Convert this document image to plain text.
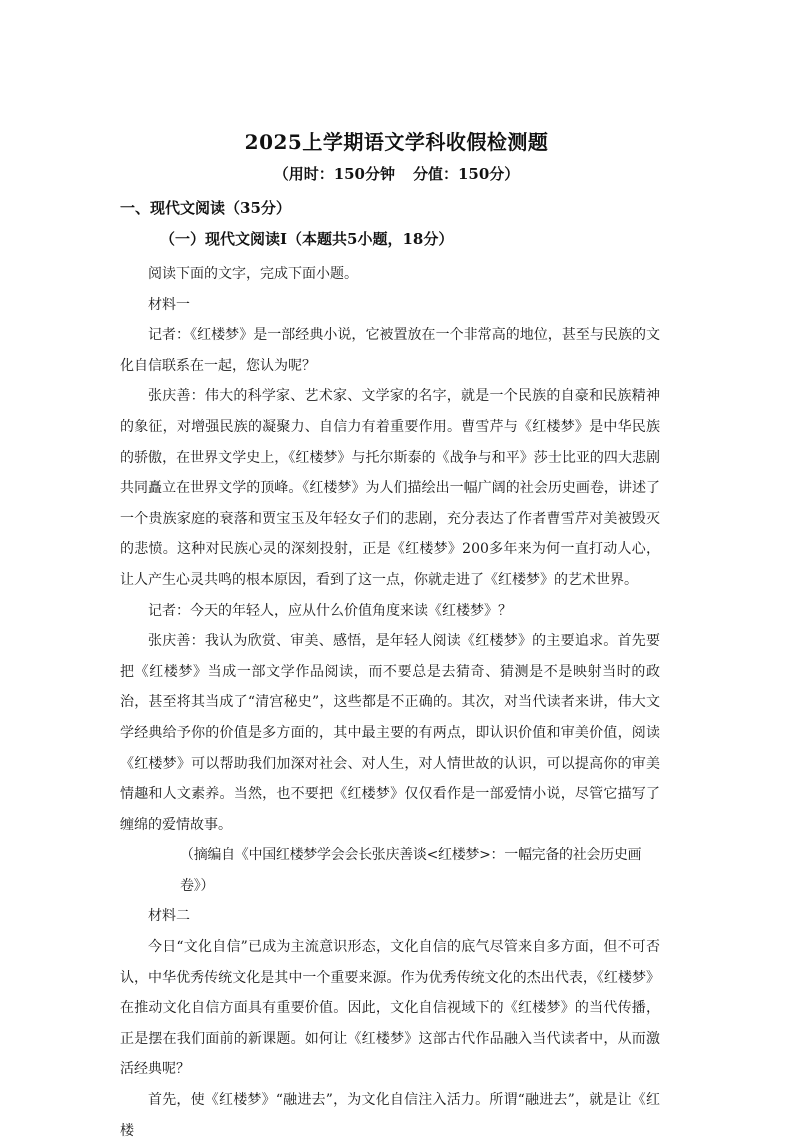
2025上学期语文学科收假检测题
（用时：150分钟 分值：150分）
一、现代文阅读（35分）
（一）现代文阅读I（本题共5小题，18分）

阅读下面的文字，完成下面小题。

材料一

记者：《红楼梦》是一部经典小说，它被置放在一个非常高的地位，甚至与民族的文化自信联系在一起，您认为呢？

张庆善：伟大的科学家、艺术家、文学家的名字，就是一个民族的自豪和民族精神的象征，对增强民族的凝聚力、自信力有着重要作用。曹雪芹与《红楼梦》是中华民族的骄傲，在世界文学史上，《红楼梦》与托尔斯泰的《战争与和平》莎士比亚的四大悲剧共同矗立在世界文学的顶峰。《红楼梦》为人们描绘出一幅广阔的社会历史画卷，讲述了一个贵族家庭的衰落和贾宝玉及年轻女子们的悲剧，充分表达了作者曹雪芹对美被毁灭的悲愤。这种对民族心灵的深刻投射，正是《红楼梦》200多年来为何一直打动人心，让人产生心灵共鸣的根本原因，看到了这一点，你就走进了《红楼梦》的艺术世界。

记者：今天的年轻人，应从什么价值角度来读《红楼梦》？

张庆善：我认为欣赏、审美、感悟，是年轻人阅读《红楼梦》的主要追求。首先要把《红楼梦》当成一部文学作品阅读，而不要总是去猜奇、猜测是不是映射当时的政治，甚至将其当成了“清宫秘史”，这些都是不正确的。其次，对当代读者来讲，伟大文学经典给予你的价值是多方面的，其中最主要的有两点，即认识价值和审美价值，阅读《红楼梦》可以帮助我们加深对社会、对人生，对人情世故的认识，可以提高你的审美情趣和人文素养。当然，也不要把《红楼梦》仅仅看作是一部爱情小说，尽管它描写了缠绵的爱情故事。

（摘编自《中国红楼梦学会会长张庆善谈<红楼梦>：一幅完备的社会历史画卷》）

材料二

今日“文化自信”已成为主流意识形态，文化自信的底气尽管来自多方面，但不可否认，中华优秀传统文化是其中一个重要来源。作为优秀传统文化的杰出代表，《红楼梦》在推动文化自信方面具有重要价值。因此，文化自信视域下的《红楼梦》的当代传播，正是摆在我们面前的新课题。如何让《红楼梦》这部古代作品融入当代读者中，从而激活经典呢？

首先，使《红楼梦》“融进去”，为文化自信注入活力。所谓“融进去”，就是让《红楼
